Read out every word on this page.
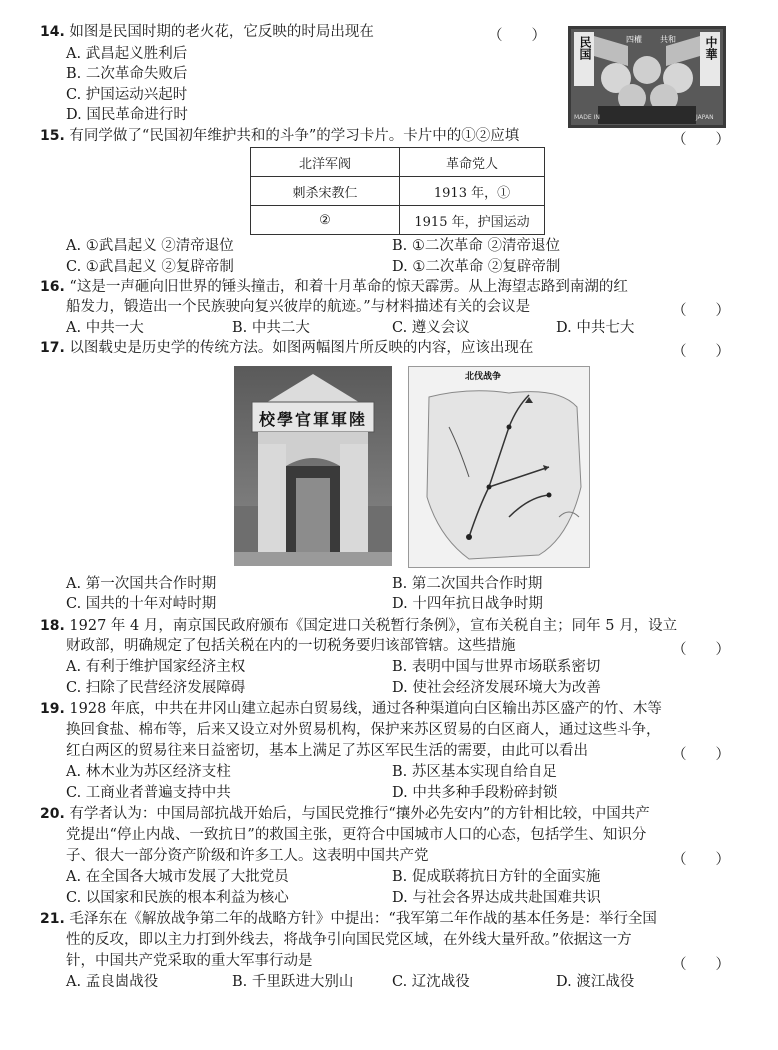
14. 如图是民国时期的老火花，它反映的时局出现在	（　　）
A. 武昌起义胜利后
B. 二次革命失败后
C. 护国运动兴起时
D. 国民革命进行时
民国	中華
四權 共和
MADE IN	JAPAN
15. 有同学做了“民国初年维护共和的斗争”的学习卡片。卡片中的①②应填	（　　）
北洋军阀	革命党人
刺杀宋教仁	1913 年，①
②	1915 年，护国运动
A. ①武昌起义 ②清帝退位	B. ①二次革命 ②清帝退位
C. ①武昌起义 ②复辟帝制	D. ①二次革命 ②复辟帝制
16. “这是一声砸向旧世界的锤头撞击，和着十月革命的惊天霹雳。从上海望志路到南湖的红
船发力，锻造出一个民族驶向复兴彼岸的航迹。”与材料描述有关的会议是	（　　）
A. 中共一大	B. 中共二大	C. 遵义会议	D. 中共七大
17. 以图载史是历史学的传统方法。如图两幅图片所反映的内容，应该出现在	（　　）
校學官軍軍陸
北伐战争
A. 第一次国共合作时期	B. 第二次国共合作时期
C. 国共的十年对峙时期	D. 十四年抗日战争时期
18. 1927 年 4 月，南京国民政府颁布《国定进口关税暂行条例》，宣布关税自主；同年 5 月，设立
财政部，明确规定了包括关税在内的一切税务要归该部管辖。这些措施	（　　）
A. 有利于维护国家经济主权	B. 表明中国与世界市场联系密切
C. 扫除了民营经济发展障碍	D. 使社会经济发展环境大为改善
19. 1928 年底，中共在井冈山建立起赤白贸易线，通过各种渠道向白区输出苏区盛产的竹、木等
换回食盐、棉布等，后来又设立对外贸易机构，保护来苏区贸易的白区商人，通过这些斗争，
红白两区的贸易往来日益密切，基本上满足了苏区军民生活的需要，由此可以看出	（　　）
A. 林木业为苏区经济支柱	B. 苏区基本实现自给自足
C. 工商业者普遍支持中共	D. 中共多种手段粉碎封锁
20. 有学者认为：中国局部抗战开始后，与国民党推行“攘外必先安内”的方针相比较，中国共产
党提出“停止内战、一致抗日”的救国主张，更符合中国城市人口的心态，包括学生、知识分
子、很大一部分资产阶级和许多工人。这表明中国共产党	（　　）
A. 在全国各大城市发展了大批党员	B. 促成联蒋抗日方针的全面实施
C. 以国家和民族的根本利益为核心	D. 与社会各界达成共赴国难共识
21. 毛泽东在《解放战争第二年的战略方针》中提出：“我军第二年作战的基本任务是：举行全国
性的反攻，即以主力打到外线去，将战争引向国民党区域，在外线大量歼敌。”依据这一方
针，中国共产党采取的重大军事行动是	（　　）
A. 孟良崮战役	B. 千里跃进大别山	C. 辽沈战役	D. 渡江战役
